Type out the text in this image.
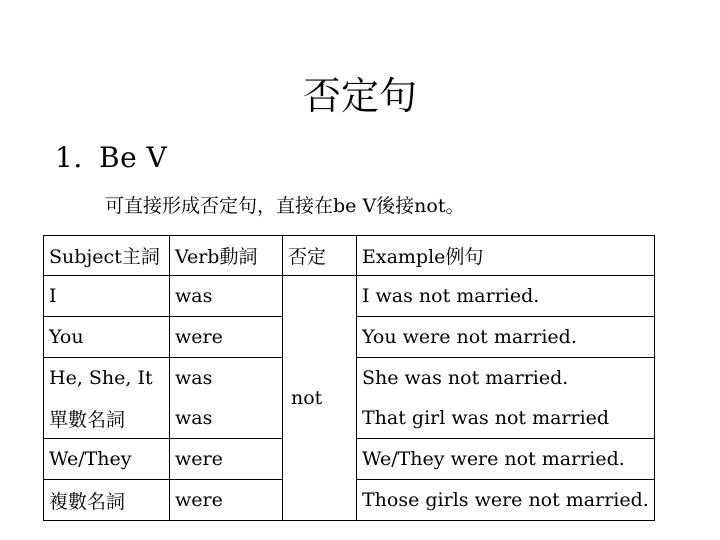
否定句
1. Be V
可直接形成否定句，直接在be V後接not。
Subject主詞	Verb動詞	否定	Example例句
I	was	not	I was not married.
You	were		You were not married.
He, She, It	was		She was not married.
單數名詞	was		That girl was not married
We/They	were		We/They were not married.
複數名詞	were		Those girls were not married.
